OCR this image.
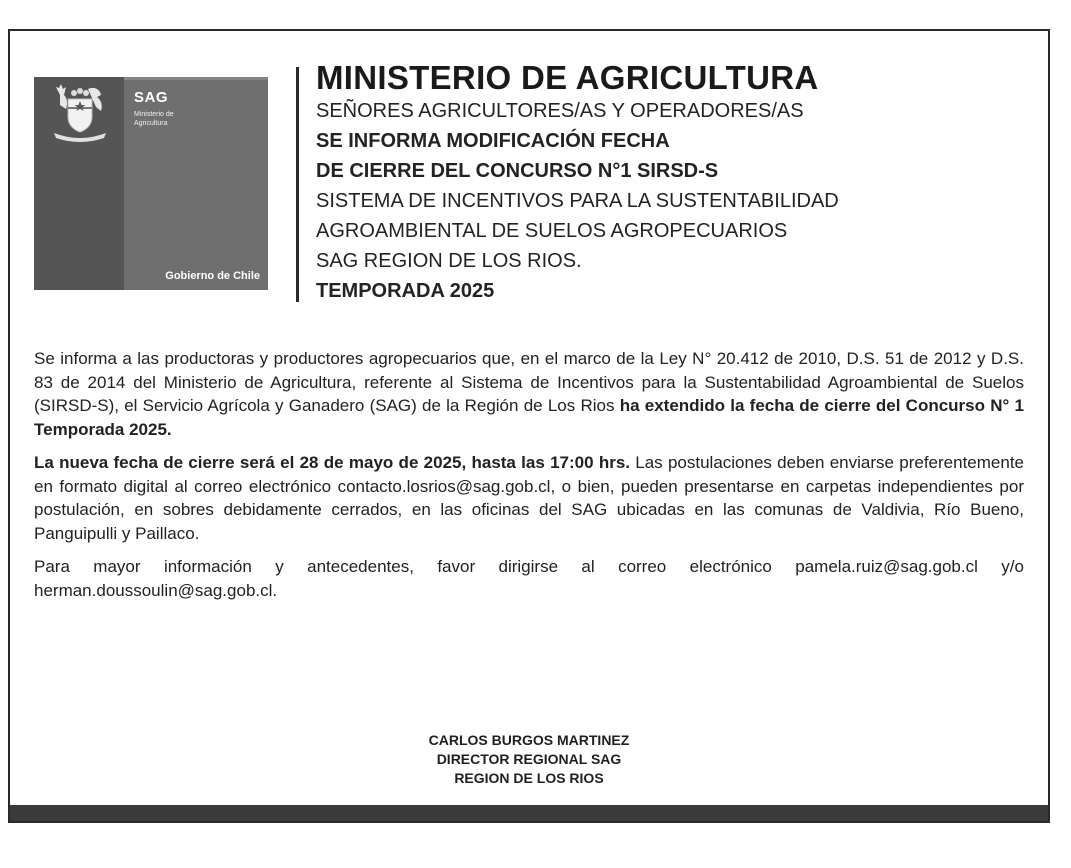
SAG
Ministerio de
Agricultura
Gobierno de Chile
MINISTERIO DE AGRICULTURA
SEÑORES AGRICULTORES/AS Y OPERADORES/AS
SE INFORMA MODIFICACIÓN FECHA
DE CIERRE DEL CONCURSO N°1 SIRSD-S
SISTEMA DE INCENTIVOS PARA LA SUSTENTABILIDAD
AGROAMBIENTAL DE SUELOS AGROPECUARIOS
SAG REGION DE LOS RIOS.
TEMPORADA 2025

Se informa a las productoras y productores agropecuarios que, en el marco de la Ley N° 20.412 de 2010, D.S. 51 de 2012 y D.S. 83 de 2014 del Ministerio de Agricultura, referente al Sistema de Incentivos para la Sustentabilidad Agroambiental de Suelos (SIRSD-S), el Servicio Agrícola y Ganadero (SAG) de la Región de Los Rios ha extendido la fecha de cierre del Concurso N° 1 Temporada 2025.

La nueva fecha de cierre será el 28 de mayo de 2025, hasta las 17:00 hrs. Las postulaciones deben enviarse preferentemente en formato digital al correo electrónico contacto.losrios@sag.gob.cl, o bien, pueden presentarse en carpetas independientes por postulación, en sobres debidamente cerrados, en las oficinas del SAG ubicadas en las comunas de Valdivia, Río Bueno, Panguipulli y Paillaco.

Para mayor información y antecedentes, favor dirigirse al correo electrónico pamela.ruiz@sag.gob.cl y/o herman.doussoulin@sag.gob.cl.

CARLOS BURGOS MARTINEZ
DIRECTOR REGIONAL SAG
REGION DE LOS RIOS
